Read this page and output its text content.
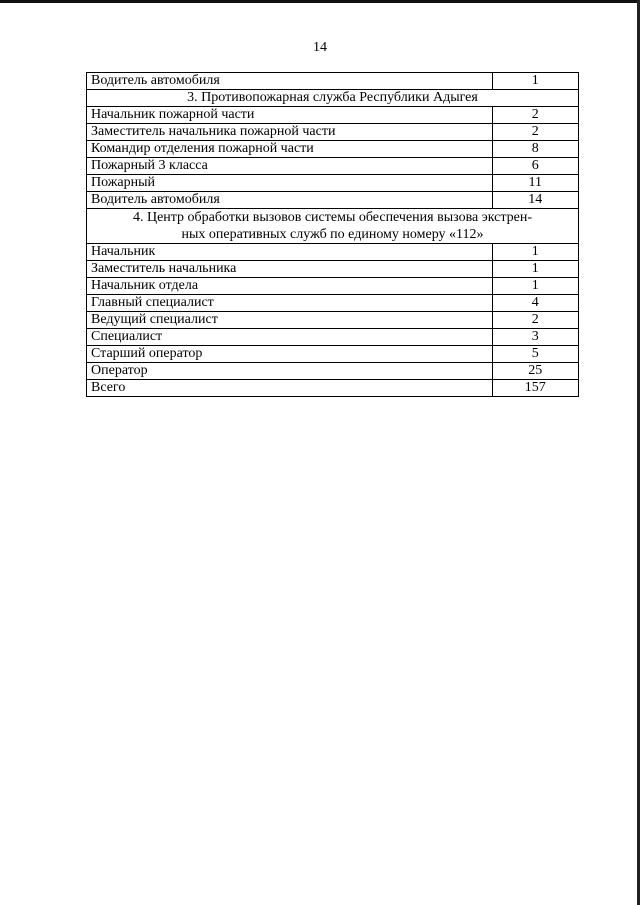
14
Водитель автомобиля	1
3. Противопожарная служба Республики Адыгея	
Начальник пожарной части	2
Заместитель начальника пожарной части	2
Командир отделения пожарной части	8
Пожарный 3 класса	6
Пожарный	11
Водитель автомобиля	14
4. Центр обработки вызовов системы обеспечения вызова экстрен-
ных оперативных служб по единому номеру «112»	
Начальник	1
Заместитель начальника	1
Начальник отдела	1
Главный специалист	4
Ведущий специалист	2
Специалист	3
Старший оператор	5
Оператор	25
Всего	157
